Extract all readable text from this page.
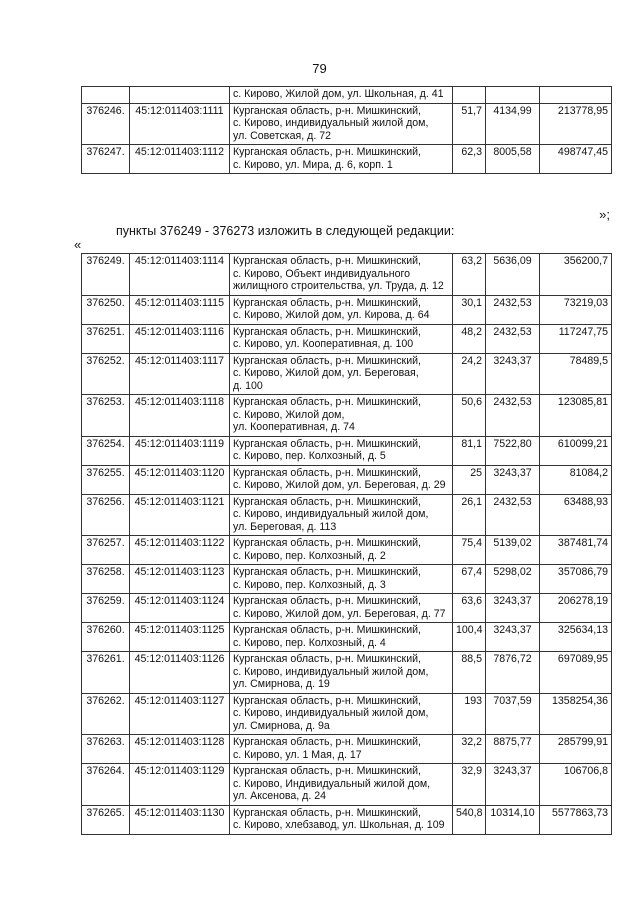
79
		с. Кирово, Жилой дом, ул. Школьная, д. 41			
376246.	45:12:011403:1111	Курганская область, р-н. Мишкинский,
с. Кирово, индивидуальный жилой дом,
ул. Советская, д. 72	51,7	4134,99	213778,95
376247.	45:12:011403:1112	Курганская область, р-н. Мишкинский,
с. Кирово, ул. Мира, д. 6, корп. 1	62,3	8005,58	498747,45
»;
пункты 376249 - 376273 изложить в следующей редакции:
«
376249.	45:12:011403:1114	Курганская область, р-н. Мишкинский,
с. Кирово, Объект индивидуального
жилищного строительства, ул. Труда, д. 12	63,2	5636,09	356200,7
376250.	45:12:011403:1115	Курганская область, р-н. Мишкинский,
с. Кирово, Жилой дом, ул. Кирова, д. 64	30,1	2432,53	73219,03
376251.	45:12:011403:1116	Курганская область, р-н. Мишкинский,
с. Кирово, ул. Кооперативная, д. 100	48,2	2432,53	117247,75
376252.	45:12:011403:1117	Курганская область, р-н. Мишкинский,
с. Кирово, Жилой дом, ул. Береговая,
д. 100	24,2	3243,37	78489,5
376253.	45:12:011403:1118	Курганская область, р-н. Мишкинский,
с. Кирово, Жилой дом,
ул. Кооперативная, д. 74	50,6	2432,53	123085,81
376254.	45:12:011403:1119	Курганская область, р-н. Мишкинский,
с. Кирово, пер. Колхозный, д. 5	81,1	7522,80	610099,21
376255.	45:12:011403:1120	Курганская область, р-н. Мишкинский,
с. Кирово, Жилой дом, ул. Береговая, д. 29	25	3243,37	81084,2
376256.	45:12:011403:1121	Курганская область, р-н. Мишкинский,
с. Кирово, индивидуальный жилой дом,
ул. Береговая, д. 113	26,1	2432,53	63488,93
376257.	45:12:011403:1122	Курганская область, р-н. Мишкинский,
с. Кирово, пер. Колхозный, д. 2	75,4	5139,02	387481,74
376258.	45:12:011403:1123	Курганская область, р-н. Мишкинский,
с. Кирово, пер. Колхозный, д. 3	67,4	5298,02	357086,79
376259.	45:12:011403:1124	Курганская область, р-н. Мишкинский,
с. Кирово, Жилой дом, ул. Береговая, д. 77	63,6	3243,37	206278,19
376260.	45:12:011403:1125	Курганская область, р-н. Мишкинский,
с. Кирово, пер. Колхозный, д. 4	100,4	3243,37	325634,13
376261.	45:12:011403:1126	Курганская область, р-н. Мишкинский,
с. Кирово, индивидуальный жилой дом,
ул. Смирнова, д. 19	88,5	7876,72	697089,95
376262.	45:12:011403:1127	Курганская область, р-н. Мишкинский,
с. Кирово, индивидуальный жилой дом,
ул. Смирнова, д. 9а	193	7037,59	1358254,36
376263.	45:12:011403:1128	Курганская область, р-н. Мишкинский,
с. Кирово, ул. 1 Мая, д. 17	32,2	8875,77	285799,91
376264.	45:12:011403:1129	Курганская область, р-н. Мишкинский,
с. Кирово, Индивидуальный жилой дом,
ул. Аксенова, д. 24	32,9	3243,37	106706,8
376265.	45:12:011403:1130	Курганская область, р-н. Мишкинский,
с. Кирово, хлебзавод, ул. Школьная, д. 109	540,8	10314,10	5577863,73
